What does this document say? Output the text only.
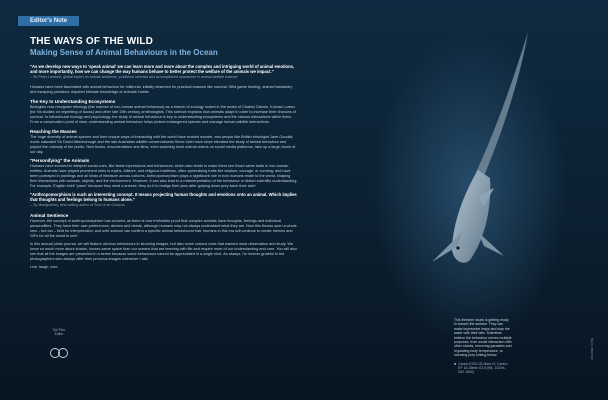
Editor's Note
THE WAYS OF THE WILD
Making Sense of Animal Behaviours in the Ocean

"As we develop new ways to 'speak animal' we can learn more and more about the complex and intriguing world of animal emotions, and more importantly, how we can change the way humans behave to better protect the welfare of the animals we impact."

– Sir Peter Lambert, global expert on animal sentience, published scientist and accomplished researcher in animal welfare science

Humans have been fascinated with animal behaviour for millennia, initially observed for practical reasons like survival. Wild game hunting, animal husbandry and escaping predators required intimate knowledge of animals' habits.

The Key to Understanding Ecosystems

Biologists now recognise ethology (the science of non-human animal behaviour) as a branch of zoology rooted in the works of Charles Darwin, Konrad Lorenz (for his studies on imprinting of ducks) and other late 19th century ornithologists. This science explains how animals adapt in order to increase their chances of survival. In behavioural ecology and psychology, the study of animal behaviour is key to understanding ecosystems and the various interactions within them. From a conservation point of view, understanding animal behaviour helps protect endangered species and manage human-wildlife interactions.

Reaching the Masses

The huge diversity of animal species and their unique ways of interacting with the world have evoked wonder, and people like British ethologist Jane Goodall, iconic naturalist Sir David Attenborough and the late Australian wildlife conservationist Steve Irwin have since elevated the study of animal behaviour and piqued the curiosity of the public. New books, documentaries and films, even watching short animal videos on social media platforms, take up a large chunk of our day.

"Personifying" the Animals

Humans have evolved to interpret social cues, like facial expressions and behaviours, which also tends to make them see those same traits in non-human entities. Animals have played prominent roles in myths, folklore, and religious traditions, often symbolising traits like wisdom, courage, or cunning, and have been portrayed in paintings and all kinds of literature across cultures. Anthropomorphism plays a significant role in how humans relate to the world, shaping their interactions with animals, objects, and the environment. However, it can also lead to a misinterpretation of the behaviour or distort scientific understanding. For example, English shell "yawn" because they need a sneeze; they do it to realign their jaws after gulping down prey twice their size!

"Anthropomorphism is such an interesting concept. It means projecting human thoughts and emotions onto an animal. Which implies that thoughts and feelings belong to humans alone."

– Sy Montgomery, best-selling author of Soul of an Octopus

Animal Sentience

However, the concept of anthropomorphism has evolved, as there is now irrefutable proof that complex animals have thoughts, feelings and individual personalities. They have their own preferences, desires and needs, although humans may not always understand what they are. Now this throws open a whole new – but fun – field for interpretation, and until science can confirm a specific animal behavioural trait, humans in this era will continue to create memes and GIFs for all the world to see!

In this annual photo journal, we will feature obvious behaviours in stunning images, but also some curious ones that warrant more observation and study. We know so much more about sharks, horses-same space than our oceans that are teeming with life and require more of our understanding and care. You will also see that all the images are presented in a series because some behaviours cannot be appreciated in a single shot. As always, I'm forever grateful to the photographers who always offer their precious images whenever I ask.

Live, laugh, love.

Sol Pico
Editor
This thresher shark is getting ready to breach the surface. They can make impressive leaps and slap the water with their tails. Scientists believe the behaviour serves multiple purposes, from social interaction with other sharks, removing parasites and regulating body temperature, to stunning prey lurking below.
■ Canon EOS-1D Mark IV, Canon EF 16-35mm f/2.8 (f/8, 1/320s, ISO 1600)
Jonathan Kirrily
